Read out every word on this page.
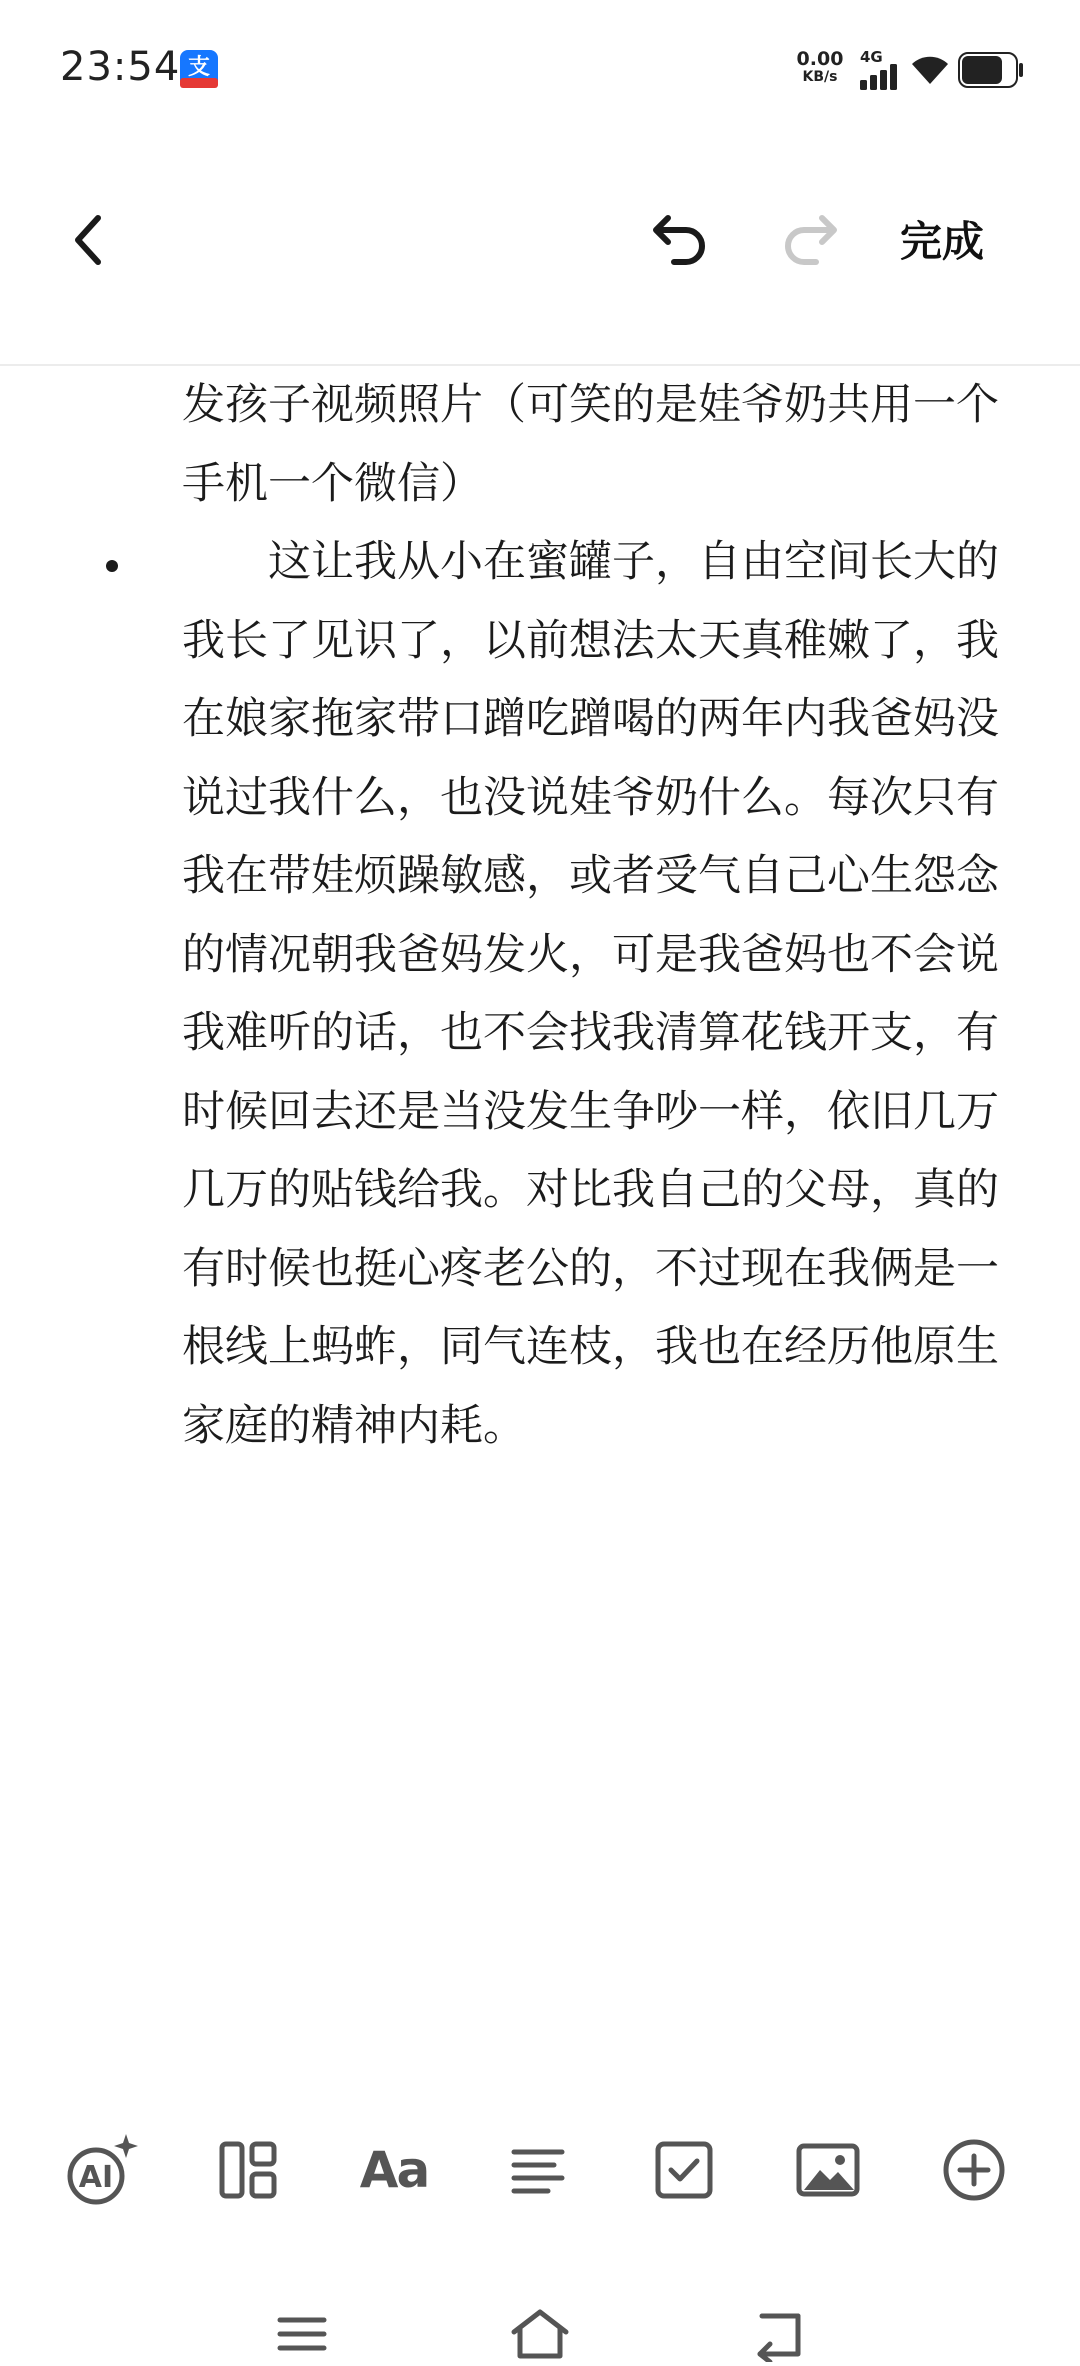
23:54 支	0.00
KB/s
4G
完成
发孩子视频照片（可笑的是娃爷奶共用一个手机一个微信）
　　这让我从小在蜜罐子，自由空间长大的我长了见识了，以前想法太天真稚嫩了，我在娘家拖家带口蹭吃蹭喝的两年内我爸妈没说过我什么，也没说娃爷奶什么。每次只有我在带娃烦躁敏感，或者受气自己心生怨念的情况朝我爸妈发火，可是我爸妈也不会说我难听的话，也不会找我清算花钱开支，有时候回去还是当没发生争吵一样，依旧几万几万的贴钱给我。对比我自己的父母，真的有时候也挺心疼老公的，不过现在我俩是一根线上蚂蚱，同气连枝，我也在经历他原生家庭的精神内耗。
AI	Aa
